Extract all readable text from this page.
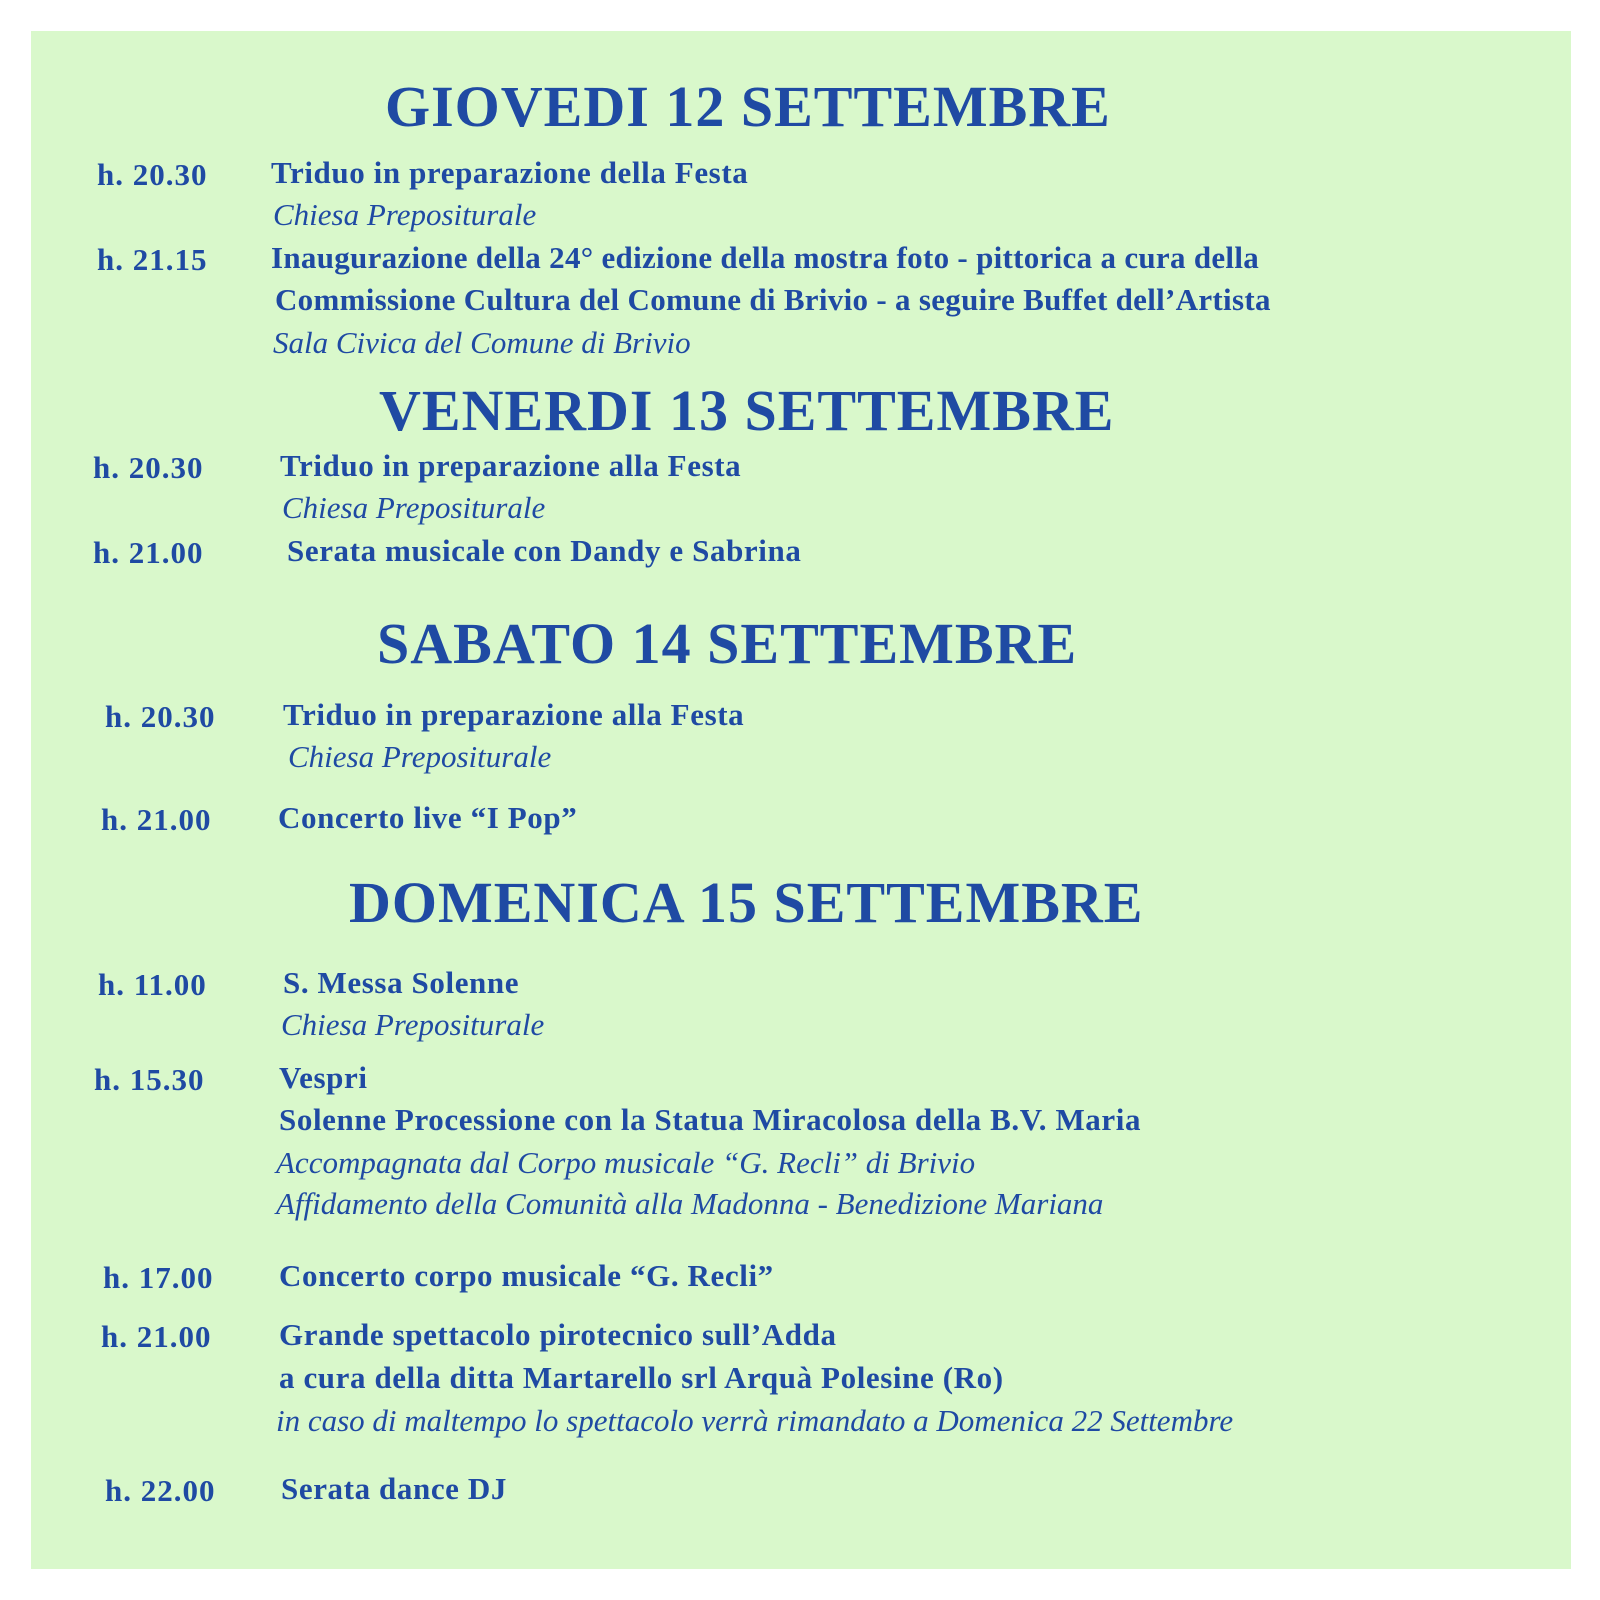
GIOVEDI 12 SETTEMBRE
h. 20.30 Triduo in preparazione della Festa
Chiesa Prepositurale
h. 21.15 Inaugurazione della 24° edizione della mostra foto - pittorica a cura della
Commissione Cultura del Comune di Brivio - a seguire Buffet dell’Artista
Sala Civica del Comune di Brivio
VENERDI 13 SETTEMBRE
h. 20.30 Triduo in preparazione alla Festa
Chiesa Prepositurale
h. 21.00	Serata musicale con Dandy e Sabrina
SABATO 14 SETTEMBRE
h. 20.30 Triduo in preparazione alla Festa
Chiesa Prepositurale
h. 21.00 Concerto live “I Pop”
DOMENICA 15 SETTEMBRE
h. 11.00 S. Messa Solenne
Chiesa Prepositurale
h. 15.30 Vespri
Solenne Processione con la Statua Miracolosa della B.V. Maria
Accompagnata dal Corpo musicale “G. Recli” di Brivio
Affidamento della Comunità alla Madonna - Benedizione Mariana
h. 17.00 Concerto corpo musicale “G. Recli”
h. 21.00 Grande spettacolo pirotecnico sull’Adda
a cura della ditta Martarello srl Arquà Polesine (Ro)
in caso di maltempo lo spettacolo verrà rimandato a Domenica 22 Settembre
h. 22.00 Serata dance DJ
